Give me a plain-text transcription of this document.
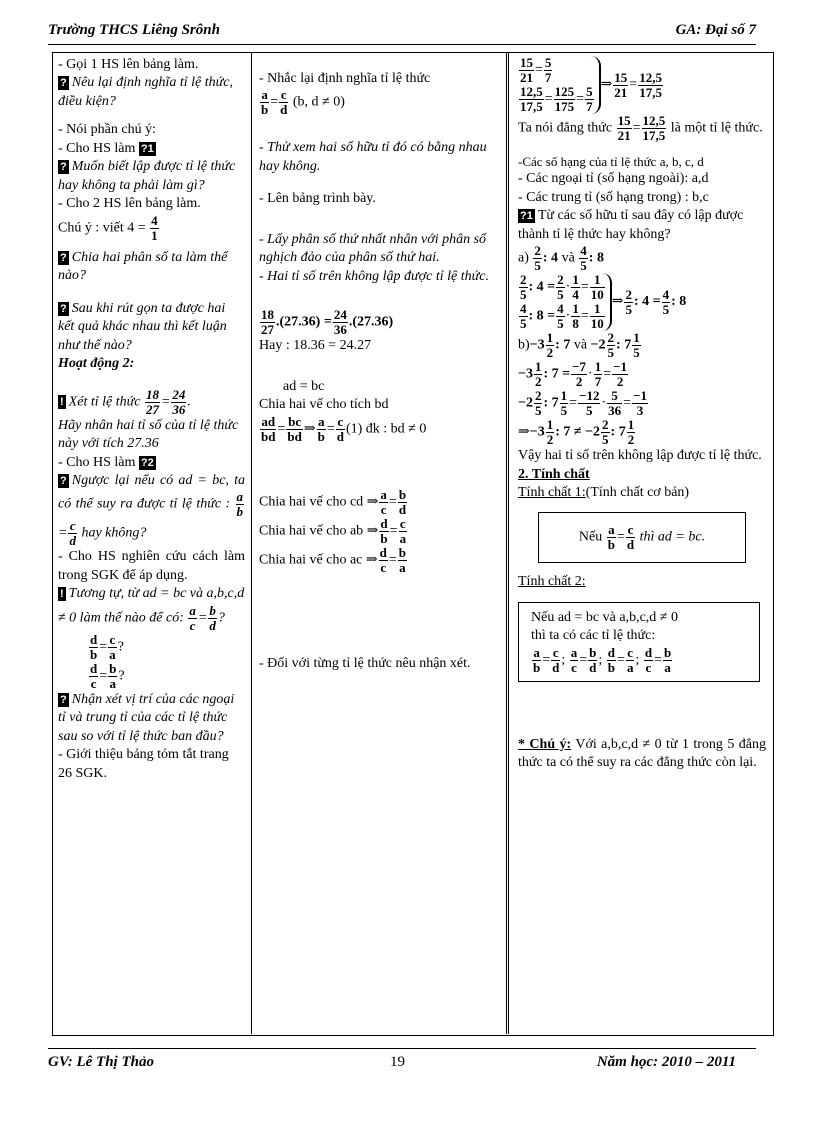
Trường THCS Liêng Srônh	GA: Đại số 7

- Gọi 1 HS lên bảng làm.

? Nêu lại định nghĩa tỉ lệ thức, điều kiện?

- Nói phần chú ý:

- Cho HS làm ?1

? Muốn biết lập được tỉ lệ thức hay không ta phải làm gì?

- Cho 2 HS lên bảng làm.

Chú ý : viết $4 = \frac{4}{1}$

? Chia hai phân số ta làm thế nào?

? Sau khi rút gọn ta được hai kết quả khác nhau thì kết luận như thế nào?

Hoạt động 2:

! Xét tỉ lệ thức $\frac{18}{27} = \frac{24}{36}$ .

Hãy nhân hai tỉ số của tỉ lệ thức này với tích 27.36

- Cho HS làm ?2

? Ngược lại nếu có ad = bc, ta có thể suy ra được tỉ lệ thức : $\frac{a}{b}$
= $\frac{c}{d}$ hay không?

- Cho HS nghiên cứu cách làm trong SGK để áp dụng.

! Tương tự, từ ad = bc và a,b,c,d ≠ 0 làm thế nào để có: $\frac{a}{c} = \frac{b}{d}$ ?

$\frac{d}{b} = \frac{c}{a}$ ?

$\frac{d}{c} = \frac{b}{a}$ ?

? Nhận xét vị trí của các ngoại tỉ và trung tỉ của các tỉ lệ thức sau so với tỉ lệ thức ban đầu?

- Giới thiệu bảng tóm tắt trang 26 SGK.

- Nhắc lại định nghĩa tỉ lệ thức

$\frac{a}{b} = \frac{c}{d} (b$, d ≠ 0)

- Thử xem hai số hữu tỉ đó có bằng nhau hay không.

- Lên bảng trình bày.

- Lấy phân số thứ nhất nhân với phân số nghịch đảo của phân số thứ hai.

- Hai tỉ số trên không lập được tỉ lệ thức.

$\frac{18}{27} .(27.36) = \frac{24}{36} .(27.36)$

Hay : 18.36 = 24.27

ad = bc

Chia hai vế cho tích bd

$\frac{ad}{bd} = \frac{bc}{bd}$ ⇒ $\frac{a}{b} = \frac{c}{d} (1)$ đk : bd ≠ 0

Chia hai vế cho cd ⇒ $\frac{a}{c} = \frac{b}{d}$

Chia hai vế cho ab ⇒ $\frac{d}{b} = \frac{c}{a}$

Chia hai vế cho ac ⇒ $\frac{d}{c} = \frac{b}{a}$

- Đối với từng tỉ lệ thức nêu nhận xét.

$\frac{15}{21} = \frac{5}{7}$
$\frac{12,5}{17,5} = \frac{125}{175} = \frac{5}{7}$
⇒ $\frac{15}{21} = \frac{12,5}{17,5}$

Ta nói đẳng thức $\frac{15}{21} = \frac{12,5}{17,5}$ là một tỉ lệ thức.

-Các số hạng của tỉ lệ thức a, b, c, d

- Các ngoại tỉ (số hạng ngoài): a,d

- Các trung tỉ (số hạng trong) : b,c

?1 Từ các số hữu tỉ sau đây có lập được thành tỉ lệ thức hay không?

$a) \frac{2}{5}$ : 4 và $\frac{4}{5}$ : 8

$\frac{2}{5}$ : $4 = \frac{2}{5} \cdot \frac{1}{4} = \frac{1}{10}$
$\frac{4}{5}$ : $8 = \frac{4}{5} \cdot \frac{1}{8} = \frac{1}{10}$
⇒ $\frac{2}{5}$ : $4 = \frac{4}{5}$ : 8

$b)-3 \frac{1}{2}$ : 7 và $-2 \frac{2}{5}$ : $7 \frac{1}{5}$

$-3 \frac{1}{2}$ : $7 = \frac{-7}{2} \cdot \frac{1}{7} = \frac{-1}{2}$

$-2 \frac{2}{5}$ : $7 \frac{1}{5} = \frac{-12}{5} \cdot \frac{5}{36} = \frac{-1}{3}$

⇒−3 $\frac{1}{2}$ : $7 \ne -2 \frac{2}{5}$ : $7 \frac{1}{2}$

Vậy hai tỉ số trên không lập được tỉ lệ thức.

2. Tính chất

Tính chất 1:(Tính chất cơ bản)

Nếu $\frac{a}{b} = \frac{c}{d}$ thì ad = bc.

Tính chất 2:

Nếu ad = bc và a,b,c,d ≠ 0

thì ta có các tỉ lệ thức:

$\frac{a}{b} = \frac{c}{d}$ ; $\frac{a}{c} = \frac{b}{d}$ ; $\frac{d}{b} = \frac{c}{a}$ ; $\frac{d}{c} = \frac{b}{a}$

* Chú ý: Với a,b,c,d ≠ 0 từ 1 trong 5 đẳng thức ta có thể suy ra các đẳng thức còn lại.

GV: Lê Thị Thảo	19	Năm học: 2010 – 2011
